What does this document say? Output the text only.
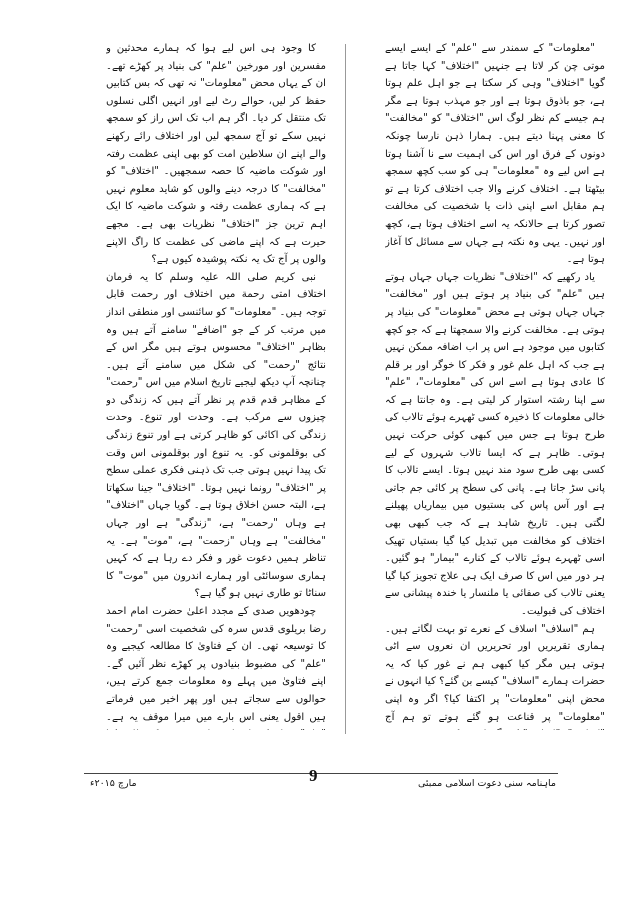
"معلومات" کے سمندر سے "علم" کے ایسے ایسے موتی چن کر لاتا ہے جنہیں "اختلاف" کہا جاتا ہے گویا "اختلاف" وہی کر سکتا ہے جو اہل علم ہوتا ہے، جو باذوق ہوتا ہے اور جو مہذب ہوتا ہے مگر ہم جیسے کم نظر لوگ اس "اختلاف" کو "مخالفت" کا معنی پہنا دیتے ہیں۔ ہمارا ذہن نارسا چونکہ دونوں کے فرق اور اس کی اہمیت سے نا آشنا ہوتا ہے اس لیے وہ "معلومات" ہی کو سب کچھ سمجھ بیٹھتا ہے۔ اختلاف کرنے والا جب اختلاف کرتا ہے تو ہم مقابل اسے اپنی ذات یا شخصیت کی مخالفت تصور کرتا ہے حالانکہ یہ اسے اختلاف ہوتا ہے، کچھ اور نہیں۔ یہی وہ نکتہ ہے جہاں سے مسائل کا آغاز ہوتا ہے۔

یاد رکھیے کہ "اختلاف" نظریات جہاں جہاں ہوتے ہیں "علم" کی بنیاد پر ہوتے ہیں اور "مخالفت" جہاں جہاں ہوتی ہے محض "معلومات" کی بنیاد پر ہوتی ہے۔ مخالفت کرنے والا سمجھتا ہے کہ جو کچھ کتابوں میں موجود ہے اس پر اب اضافہ ممکن نہیں ہے جب کہ اہل علم غور و فکر کا خوگر اور بر قلم کا عادی ہوتا ہے اسے اس کی "معلومات"، "علم" سے اپنا رشتہ استوار کر لیتی ہے۔ وہ جانتا ہے کہ خالی معلومات کا ذخیرہ کسی ٹھہرے ہوئے تالاب کی طرح ہوتا ہے جس میں کبھی کوئی حرکت نہیں ہوتی۔ ظاہر ہے کہ ایسا تالاب شہروں کے لیے کسی بھی طرح سود مند نہیں ہوتا۔ ایسے تالاب کا پانی سڑ جاتا ہے۔ پانی کی سطح پر کائی جم جاتی ہے اور آس پاس کی بستیوں میں بیماریاں پھیلنے لگتی ہیں۔ تاریخ شاہد ہے کہ جب کبھی بھی اختلاف کو مخالفت میں تبدیل کیا گیا بستیاں تھیک اسی ٹھہرے ہوئے تالاب کے کنارے "بیمار" ہو گئیں۔ ہر دور میں اس کا صرف ایک ہی علاج تجویز کیا گیا یعنی تالاب کی صفائی یا ملنسار یا خندہ پیشانی سے اختلاف کی قبولیت۔

ہم "اسلاف" اسلاف کے نعرے تو بہت لگاتے ہیں۔ ہماری تقریریں اور تحریریں ان نعروں سے اٹی ہوتی ہیں مگر کیا کبھی ہم نے غور کیا کہ یہ حضرات ہمارے "اسلاف" کیسے بن گئے؟ کیا انہوں نے محض اپنی "معلومات" پر اکتفا کیا؟ اگر وہ اپنی "معلومات" پر قناعت ہو گئے ہوتے تو ہم آج

کا وجود ہی اس لیے ہوا کہ ہمارے محدثین و مفسرین اور مورخین "علم" کی بنیاد پر کھڑے تھے۔ ان کے یہاں محض "معلومات" نہ تھی کہ بس کتابیں حفظ کر لیں، حوالے رٹ لیے اور انہیں اگلی نسلوں تک منتقل کر دیا۔ اگر ہم اب تک اس راز کو سمجھ نہیں سکے تو آج سمجھ لیں اور اختلاف رائے رکھنے والے اپنے ان سلاطین امت کو بھی اپنی عظمت رفتہ اور شوکت ماضیہ کا حصہ سمجھیں۔ "اختلاف" کو "مخالفت" کا درجہ دینے والوں کو شاید معلوم نہیں ہے کہ ہماری عظمت رفتہ و شوکت ماضیہ کا ایک اہم ترین جز "اختلاف" نظریات بھی ہے۔ مجھے حیرت ہے کہ اپنے ماضی کی عظمت کا راگ الاپنے والوں پر آج تک یہ نکتہ پوشیدہ کیوں ہے؟

نبی کریم صلی اللہ علیہ وسلم کا یہ فرمان اختلاف امتی رحمة میں اختلاف اور رحمت قابل توجہ ہیں۔ "معلومات" کو سائنسی اور منطقی انداز میں مرتب کر کے جو "اضافے" سامنے آتے ہیں وہ بظاہر "اختلاف" محسوس ہوتے ہیں مگر اس کے نتائج "رحمت" کی شکل میں سامنے آتے ہیں۔ چنانچہ آپ دیکھ لیجیے تاریخ اسلام میں اس "رحمت" کے مظاہر قدم قدم پر نظر آتے ہیں کہ زندگی دو چیزوں سے مرکب ہے۔ وحدت اور تنوع۔ وحدت زندگی کی اکائی کو ظاہر کرتی ہے اور تنوع زندگی کی بوقلمونی کو۔ یہ تنوع اور بوقلمونی اس وقت تک پیدا نہیں ہوتی جب تک ذہنی فکری عملی سطح پر "اختلاف" رونما نہیں ہوتا۔ "اختلاف" جینا سکھاتا ہے، البتہ حسن اخلاق ہوتا ہے۔ گویا جہاں "اختلاف" ہے وہاں "رحمت" ہے، "زندگی" ہے اور جہاں "مخالفت" ہے وہاں "زحمت" ہے، "موت" ہے۔ یہ تناظر ہمیں دعوت غور و فکر دے رہا ہے کہ کہیں ہماری سوسائٹی اور ہمارے اندرون میں "موت" کا سناٹا تو طاری نہیں ہو گیا ہے؟

چودھویں صدی کے مجدد اعلیٰ حضرت امام احمد رضا بریلوی قدس سرہ کی شخصیت اسی "رحمت" کا توسیعہ تھی۔ ان کے فتاویٰ کا مطالعہ کیجیے وہ "علم" کی مضبوط بنیادوں پر کھڑے نظر آئیں گے۔ اپنے فتاویٰ میں پہلے وہ معلومات جمع کرتے ہیں، حوالوں سے سجاتے ہیں اور پھر اخیر میں فرماتے ہیں اقول یعنی اس بارے میں میرا موقف یہ ہے۔

9	ماہنامہ سنی دعوت اسلامی ممبئی
مارچ ۲۰۱۵ء
